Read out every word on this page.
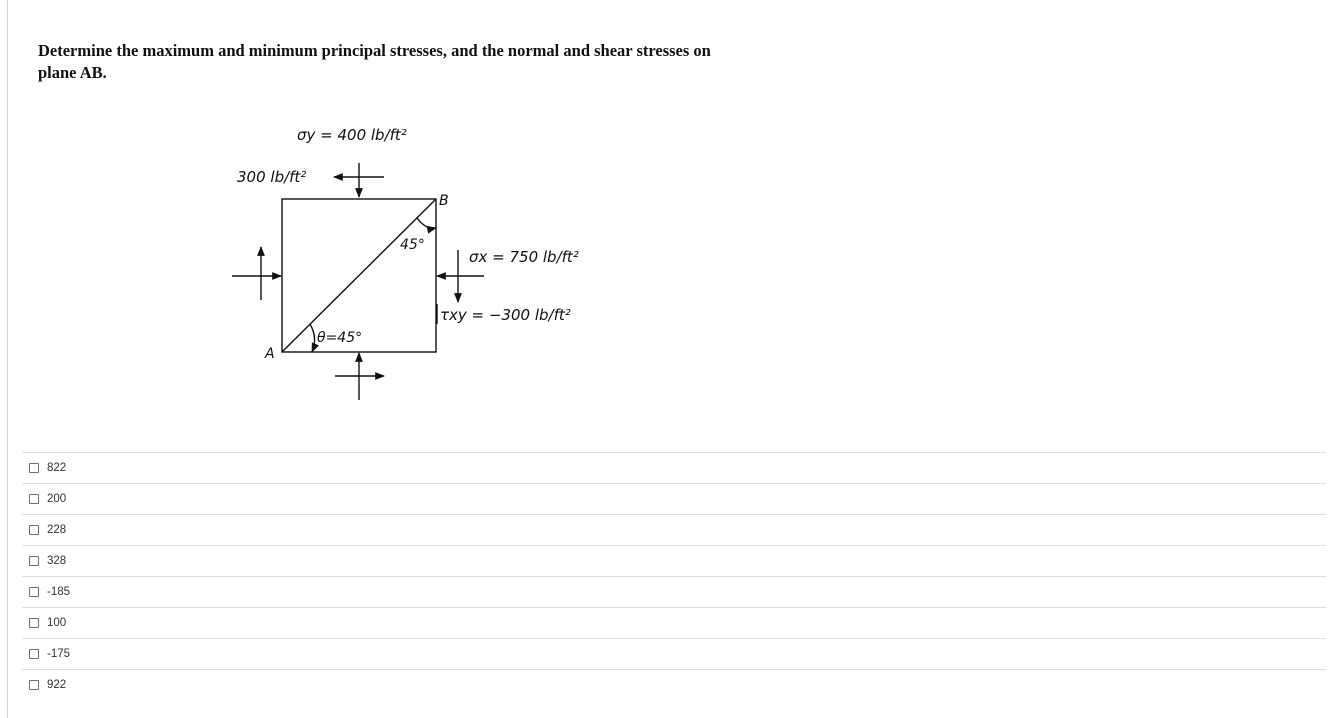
Determine the maximum and minimum principal stresses, and the normal and shear stresses on
plane AB.
σy = 400 lb/ft²
300 lb/ft²
B
45°
σx = 750 lb/ft²
τxy = −300 lb/ft²
θ=45°
A
822
200
228
328
-185
100
-175
922
